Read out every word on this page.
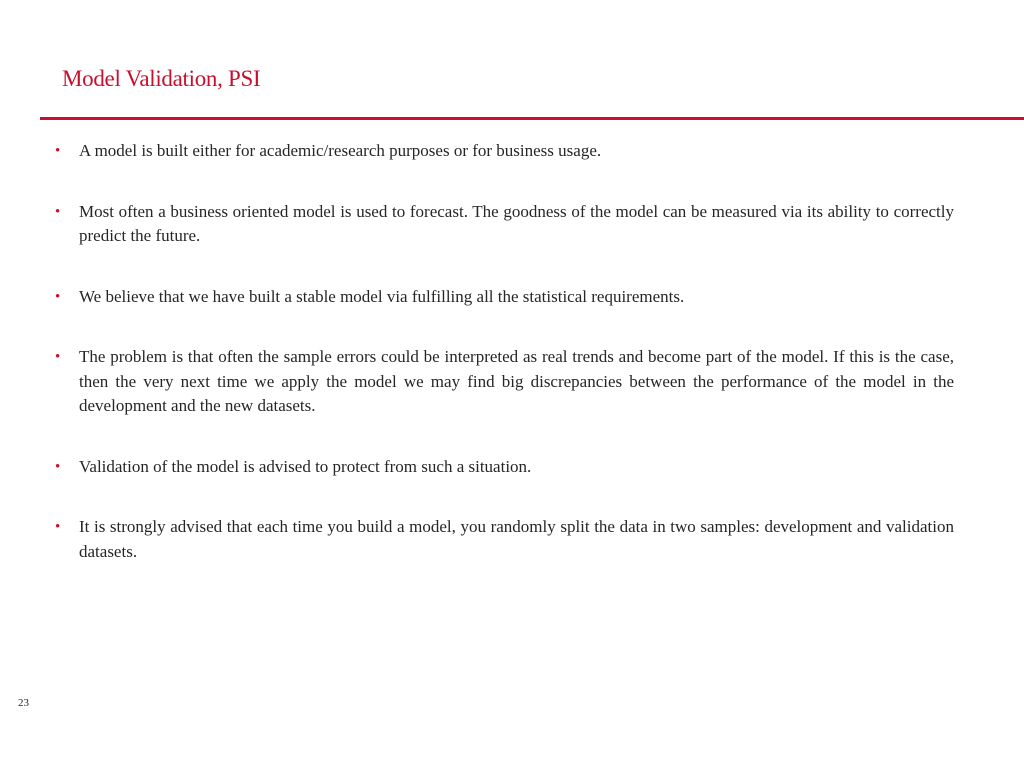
Model Validation, PSI
• A model is built either for academic/research purposes or for business usage.
• Most often a business oriented model is used to forecast. The goodness of the model can be measured via its ability to correctly predict the future.
• We believe that we have built a stable model via fulfilling all the statistical requirements.
• The problem is that often the sample errors could be interpreted as real trends and become part of the model. If this is the case, then the very next time we apply the model we may find big discrepancies between the performance of the model in the development and the new datasets.
• Validation of the model is advised to protect from such a situation.
• It is strongly advised that each time you build a model, you randomly split the data in two samples: development and validation datasets.
23
